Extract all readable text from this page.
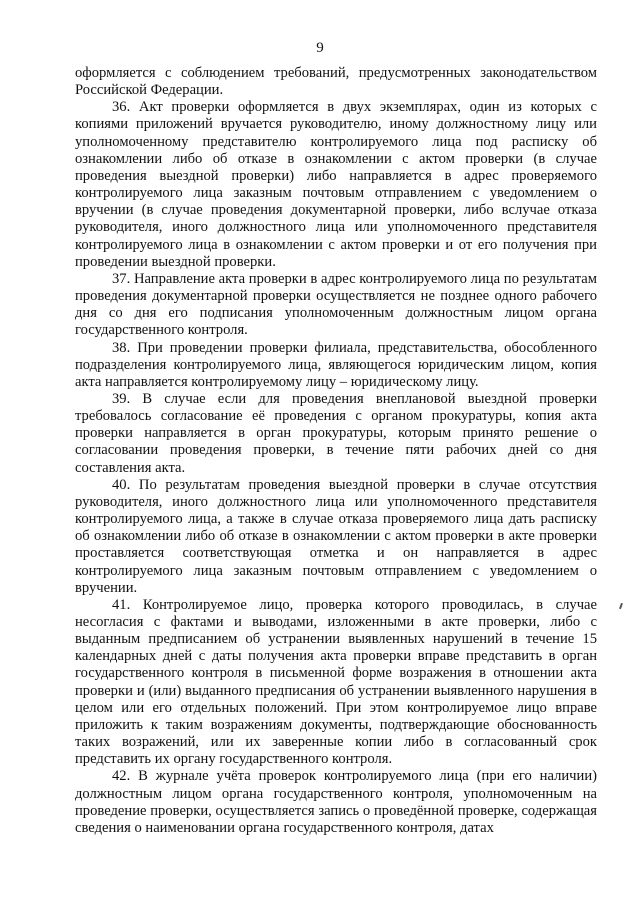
9

оформляется с соблюдением требований, предусмотренных законодательством Российской Федерации.

36. Акт проверки оформляется в двух экземплярах, один из которых с копиями приложений вручается руководителю, иному должностному лицу или уполномоченному представителю контролируемого лица под расписку об ознакомлении либо об отказе в ознакомлении с актом проверки (в случае проведения выездной проверки) либо направляется в адрес проверяемого контролируемого лица заказным почтовым отправлением с уведомлением о вручении (в случае проведения документарной проверки, либо вслучае отказа руководителя, иного должностного лица или уполномоченного представителя контролируемого лица в ознакомлении с актом проверки и от его получения при проведении выездной проверки.

37. Направление акта проверки в адрес контролируемого лица по результатам проведения документарной проверки осуществляется не позднее одного рабочего дня со дня его подписания уполномоченным должностным лицом органа государственного контроля.

38. При проведении проверки филиала, представительства, обособленного подразделения контролируемого лица, являющегося юридическим лицом, копия акта направляется контролируемому лицу – юридическому лицу.

39. В случае если для проведения внеплановой выездной проверки требовалось согласование её проведения с органом прокуратуры, копия акта проверки направляется в орган прокуратуры, которым принято решение о согласовании проведения проверки, в течение пяти рабочих дней со дня составления акта.

40. По результатам проведения выездной проверки в случае отсутствия руководителя, иного должностного лица или уполномоченного представителя контролируемого лица, а также в случае отказа проверяемого лица дать расписку об ознакомлении либо об отказе в ознакомлении с актом проверки в акте проверки проставляется соответствующая отметка и он направляется в адрес контролируемого лица заказным почтовым отправлением с уведомлением о вручении.

41. Контролируемое лицо, проверка которого проводилась, в случае несогласия с фактами и выводами, изложенными в акте проверки, либо с выданным предписанием об устранении выявленных нарушений в течение 15 календарных дней с даты получения акта проверки вправе представить в орган государственного контроля в письменной форме возражения в отношении акта проверки и (или) выданного предписания об устранении выявленного нарушения в целом или его отдельных положений. При этом контролируемое лицо вправе приложить к таким возражениям документы, подтверждающие обоснованность таких возражений, или их заверенные копии либо в согласованный срок представить их органу государственного контроля.

42. В журнале учёта проверок контролируемого лица (при его наличии) должностным лицом органа государственного контроля, уполномоченным на проведение проверки, осуществляется запись о проведённой проверке, содержащая сведения о наименовании органа государственного контроля, датах
